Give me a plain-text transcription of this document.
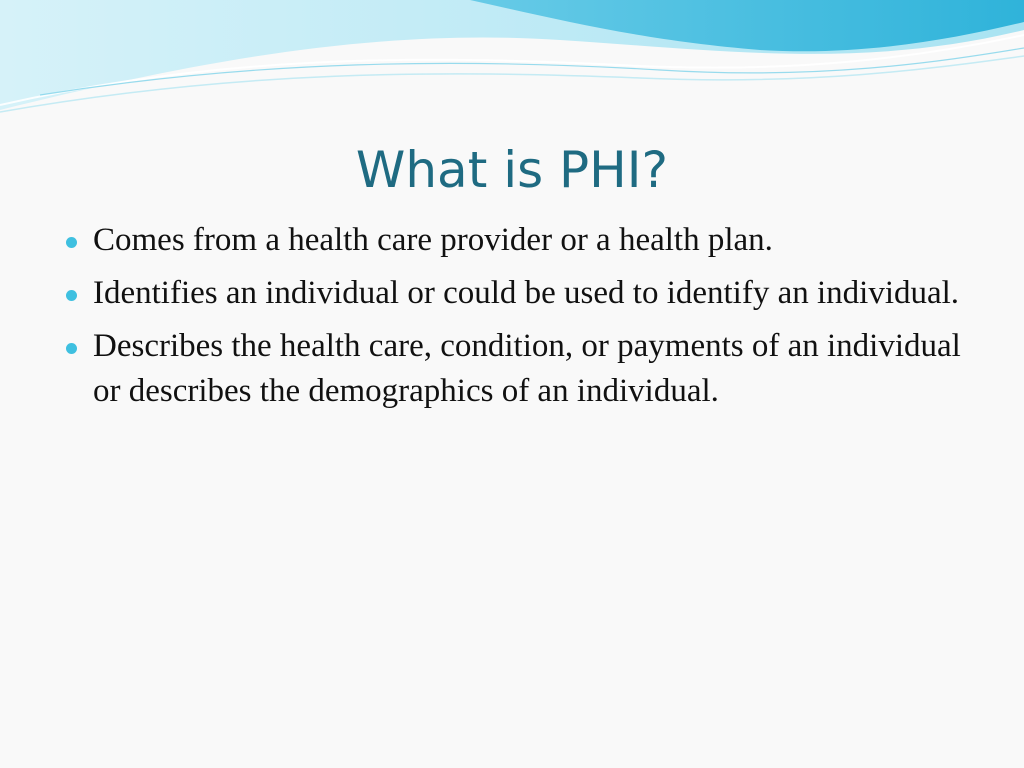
What is PHI?
Comes from a health care provider or a health plan.
Identifies an individual or could be used to identify an individual.
Describes the health care, condition, or payments of an individual or describes the demographics of an individual.
